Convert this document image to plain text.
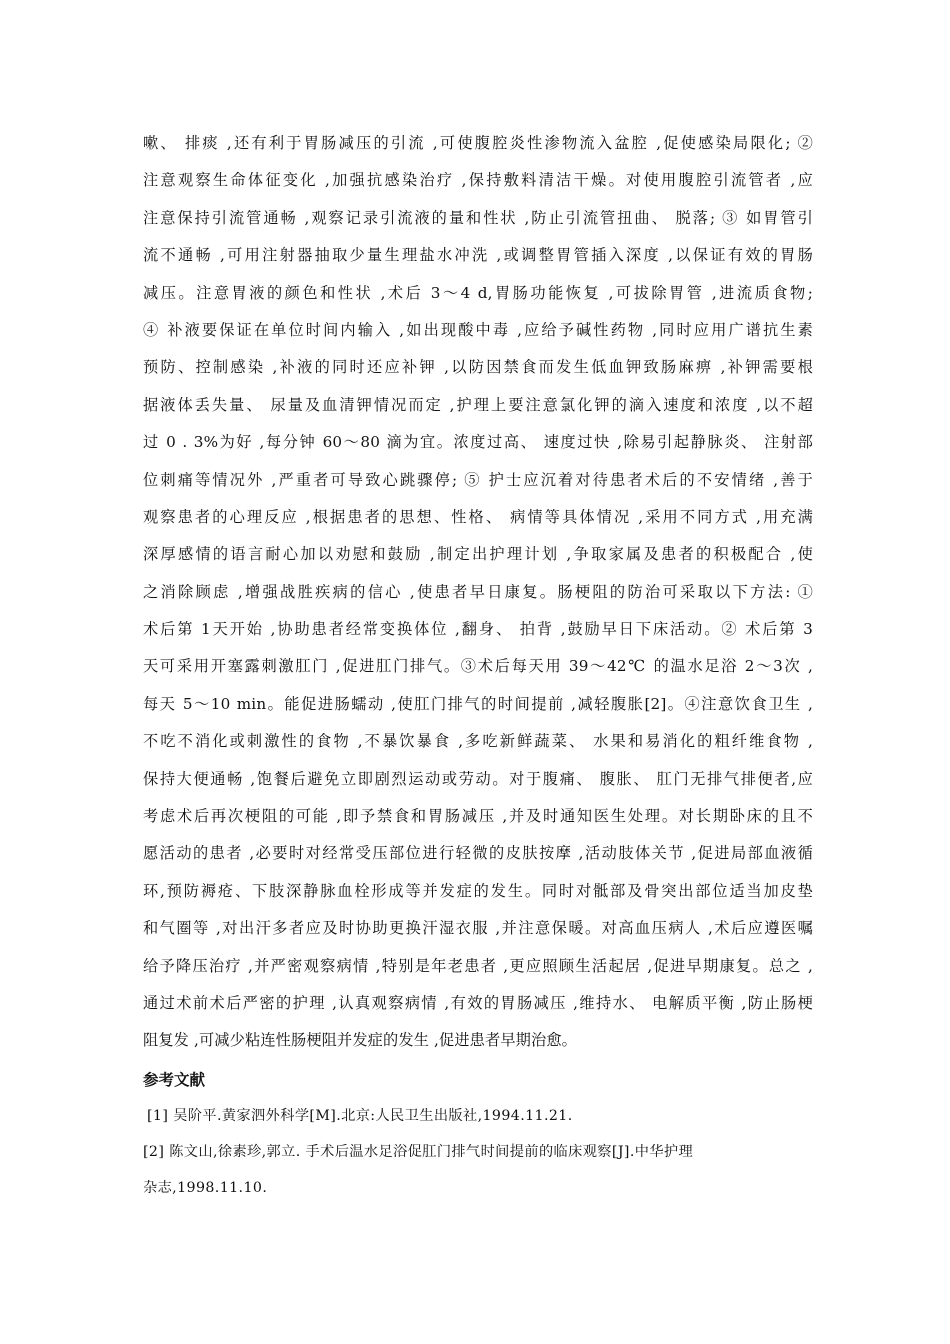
嗽、 排痰 ,还有利于胃肠减压的引流 ,可使腹腔炎性渗物流入盆腔 ,促使感染局限化; ②
注意观察生命体征变化 ,加强抗感染治疗 ,保持敷料清洁干燥。对使用腹腔引流管者 ,应
注意保持引流管通畅 ,观察记录引流液的量和性状 ,防止引流管扭曲、 脱落; ③ 如胃管引
流不通畅 ,可用注射器抽取少量生理盐水冲洗 ,或调整胃管插入深度 ,以保证有效的胃肠
减压。注意胃液的颜色和性状 ,术后 3～4 d,胃肠功能恢复 ,可拔除胃管 ,进流质食物;
④ 补液要保证在单位时间内输入 ,如出现酸中毒 ,应给予碱性药物 ,同时应用广谱抗生素
预防、控制感染 ,补液的同时还应补钾 ,以防因禁食而发生低血钾致肠麻痹 ,补钾需要根
据液体丢失量、 尿量及血清钾情况而定 ,护理上要注意氯化钾的滴入速度和浓度 ,以不超
过 0 . 3%为好 ,每分钟 60～80 滴为宜。浓度过高、 速度过快 ,除易引起静脉炎、 注射部
位刺痛等情况外 ,严重者可导致心跳骤停; ⑤ 护士应沉着对待患者术后的不安情绪 ,善于
观察患者的心理反应 ,根据患者的思想、性格、 病情等具体情况 ,采用不同方式 ,用充满
深厚感情的语言耐心加以劝慰和鼓励 ,制定出护理计划 ,争取家属及患者的积极配合 ,使
之消除顾虑 ,增强战胜疾病的信心 ,使患者早日康复。肠梗阻的防治可采取以下方法: ①
术后第 1天开始 ,协助患者经常变换体位 ,翻身、 拍背 ,鼓励早日下床活动。② 术后第 3
天可采用开塞露刺激肛门 ,促进肛门排气。③术后每天用 39～42℃ 的温水足浴 2～3次 ,
每天 5～10 min。能促进肠蠕动 ,使肛门排气的时间提前 ,减轻腹胀[2]。④注意饮食卫生 ,
不吃不消化或刺激性的食物 ,不暴饮暴食 ,多吃新鲜蔬菜、 水果和易消化的粗纤维食物 ,
保持大便通畅 ,饱餐后避免立即剧烈运动或劳动。对于腹痛、 腹胀、 肛门无排气排便者,应
考虑术后再次梗阻的可能 ,即予禁食和胃肠减压 ,并及时通知医生处理。对长期卧床的且不
愿活动的患者 ,必要时对经常受压部位进行轻微的皮肤按摩 ,活动肢体关节 ,促进局部血液循
环,预防褥疮、下肢深静脉血栓形成等并发症的发生。同时对骶部及骨突出部位适当加皮垫
和气圈等 ,对出汗多者应及时协助更换汗湿衣服 ,并注意保暖。对高血压病人 ,术后应遵医嘱
给予降压治疗 ,并严密观察病情 ,特别是年老患者 ,更应照顾生活起居 ,促进早期康复。总之 ,
通过术前术后严密的护理 ,认真观察病情 ,有效的胃肠减压 ,维持水、 电解质平衡 ,防止肠梗
阻复发 ,可减少粘连性肠梗阻并发症的发生 ,促进患者早期治愈。
参考文献
[1] 吴阶平.黄家泗外科学[M].北京:人民卫生出版社,1994.11.21.
[2] 陈文山,徐素珍,郭立. 手术后温水足浴促肛门排气时间提前的临床观察[J].中华护理
杂志,1998.11.10.
